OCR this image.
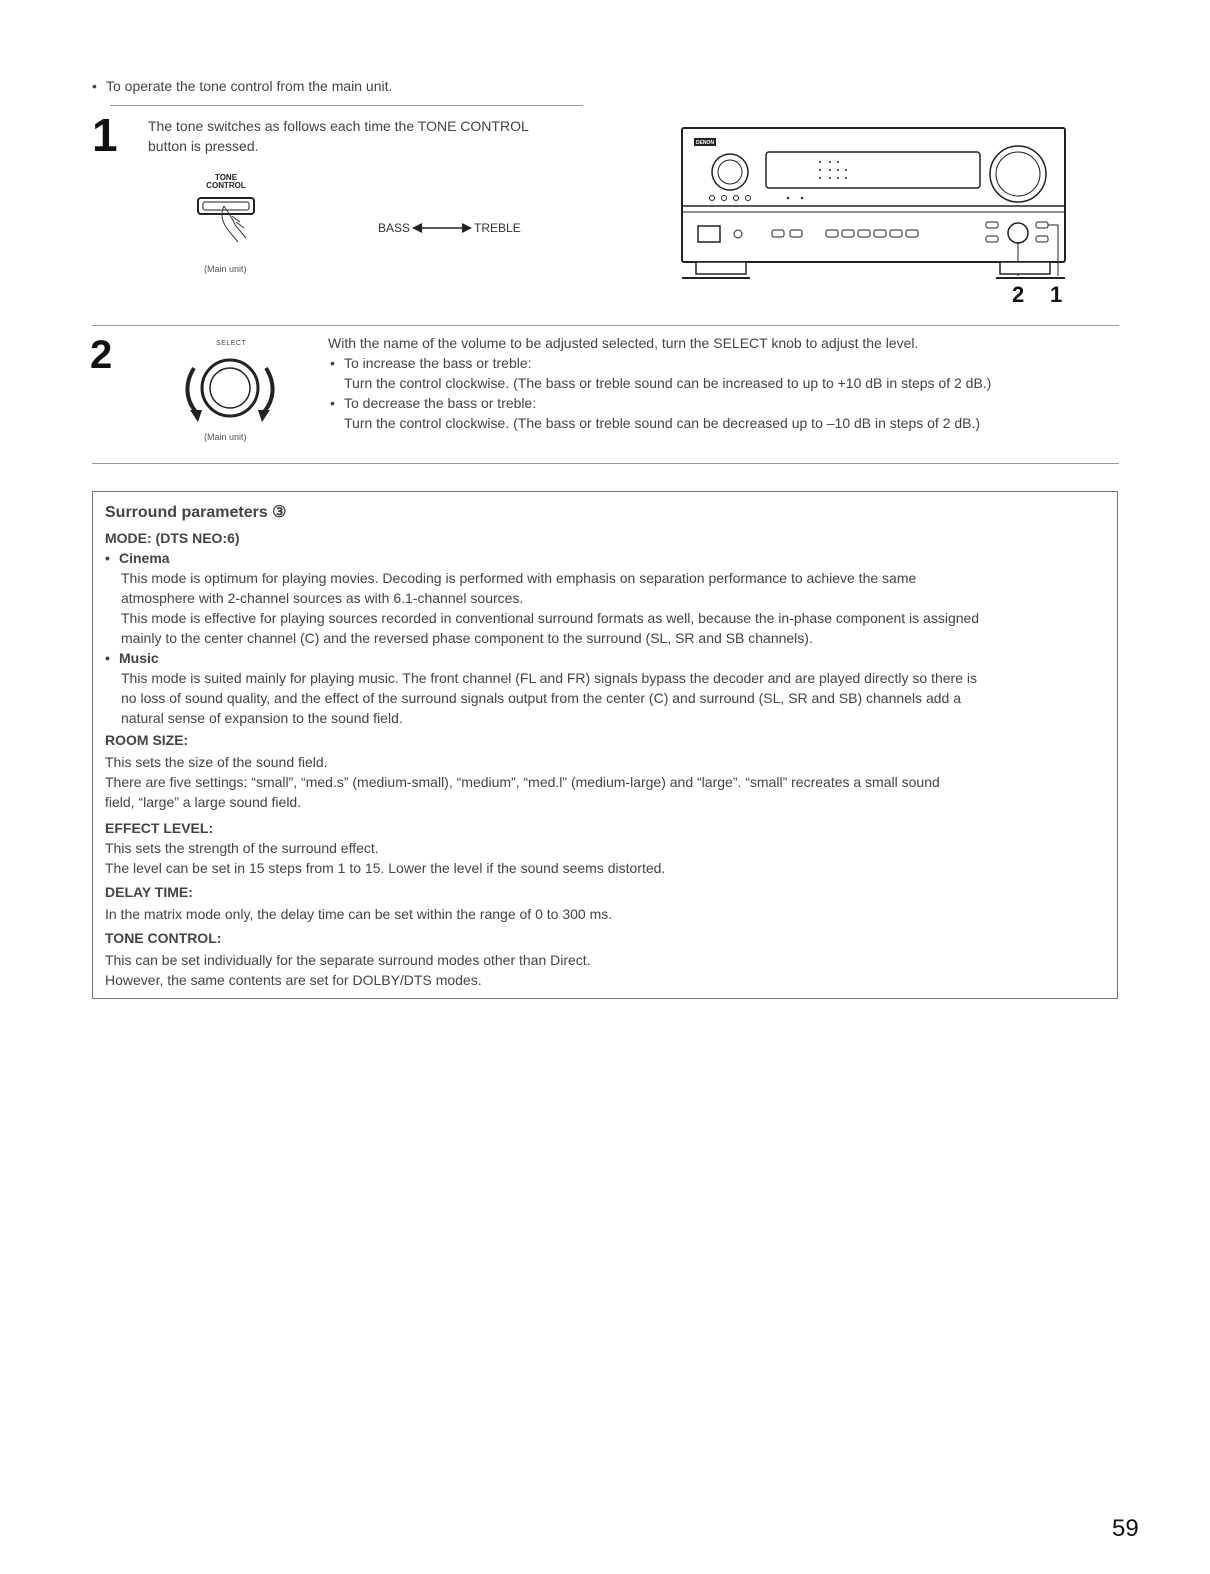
• To operate the tone control from the main unit.
1 The tone switches as follows each time the TONE CONTROL
button is pressed.
TONE
CONTROL
(Main unit)
BASS	TREBLE
DENON
2 1
2	SELECT
(Main unit)
With the name of the volume to be adjusted selected, turn the SELECT knob to adjust the level.
• To increase the bass or treble:
Turn the control clockwise. (The bass or treble sound can be increased to up to +10 dB in steps of 2 dB.)
• To decrease the bass or treble:
Turn the control clockwise. (The bass or treble sound can be decreased up to –10 dB in steps of 2 dB.)
Surround parameters ③
MODE: (DTS NEO:6)
• Cinema
This mode is optimum for playing movies. Decoding is performed with emphasis on separation performance to achieve the same
atmosphere with 2-channel sources as with 6.1-channel sources.
This mode is effective for playing sources recorded in conventional surround formats as well, because the in-phase component is assigned
mainly to the center channel (C) and the reversed phase component to the surround (SL, SR and SB channels).
• Music
This mode is suited mainly for playing music. The front channel (FL and FR) signals bypass the decoder and are played directly so there is
no loss of sound quality, and the effect of the surround signals output from the center (C) and surround (SL, SR and SB) channels add a
natural sense of expansion to the sound field.
ROOM SIZE:
This sets the size of the sound field.
There are five settings: “small”, “med.s” (medium-small), “medium”, “med.l” (medium-large) and “large”. “small” recreates a small sound
field, “large” a large sound field.
EFFECT LEVEL:
This sets the strength of the surround effect.
The level can be set in 15 steps from 1 to 15. Lower the level if the sound seems distorted.
DELAY TIME:
In the matrix mode only, the delay time can be set within the range of 0 to 300 ms.
TONE CONTROL:
This can be set individually for the separate surround modes other than Direct.
However, the same contents are set for DOLBY/DTS modes.
59
